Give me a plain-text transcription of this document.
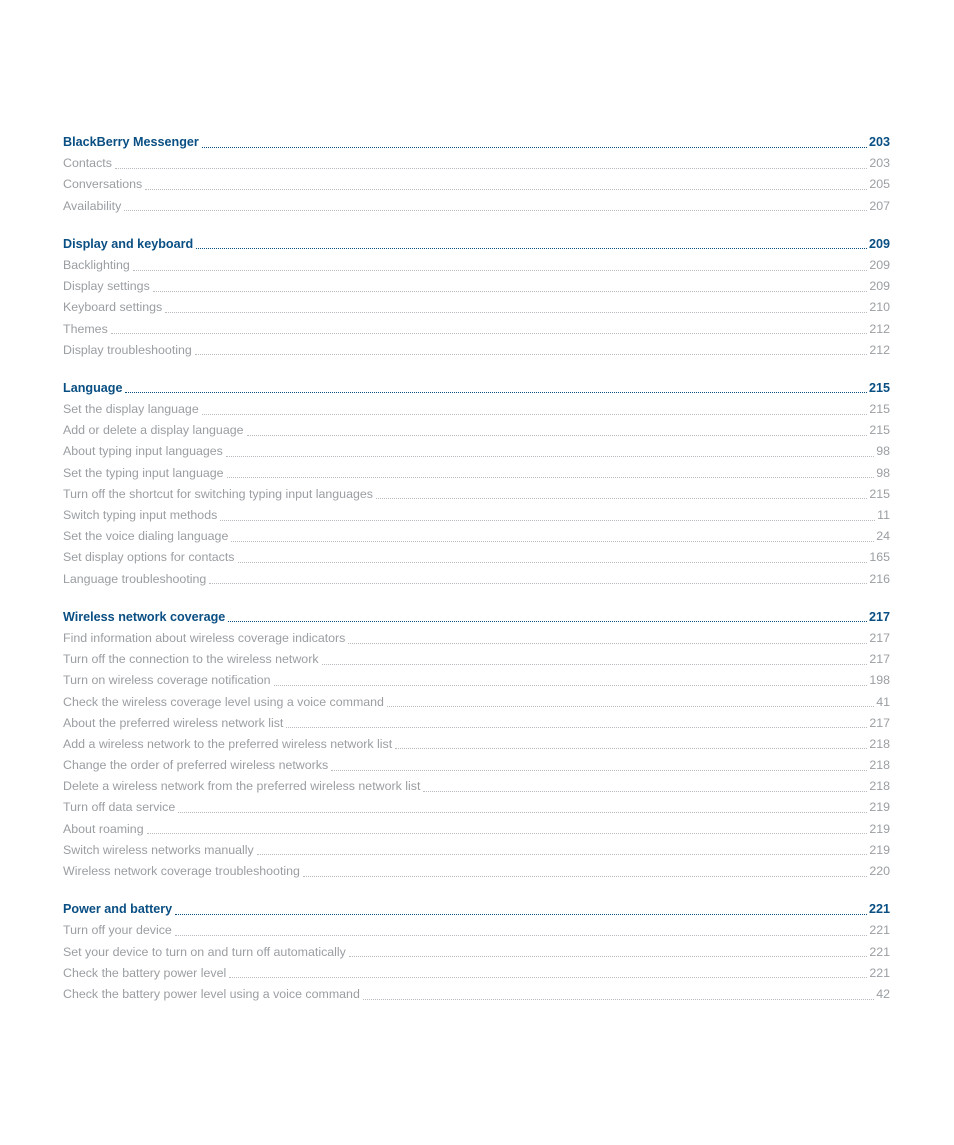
BlackBerry Messenger	203
Contacts	203
Conversations	205
Availability	207
Display and keyboard	209
Backlighting	209
Display settings	209
Keyboard settings	210
Themes	212
Display troubleshooting	212
Language	215
Set the display language	215
Add or delete a display language	215
About typing input languages	98
Set the typing input language	98
Turn off the shortcut for switching typing input languages	215
Switch typing input methods	11
Set the voice dialing language	24
Set display options for contacts	165
Language troubleshooting	216
Wireless network coverage	217
Find information about wireless coverage indicators	217
Turn off the connection to the wireless network	217
Turn on wireless coverage notification	198
Check the wireless coverage level using a voice command	41
About the preferred wireless network list	217
Add a wireless network to the preferred wireless network list	218
Change the order of preferred wireless networks	218
Delete a wireless network from the preferred wireless network list	218
Turn off data service	219
About roaming	219
Switch wireless networks manually	219
Wireless network coverage troubleshooting	220
Power and battery	221
Turn off your device	221
Set your device to turn on and turn off automatically	221
Check the battery power level	221
Check the battery power level using a voice command	42
